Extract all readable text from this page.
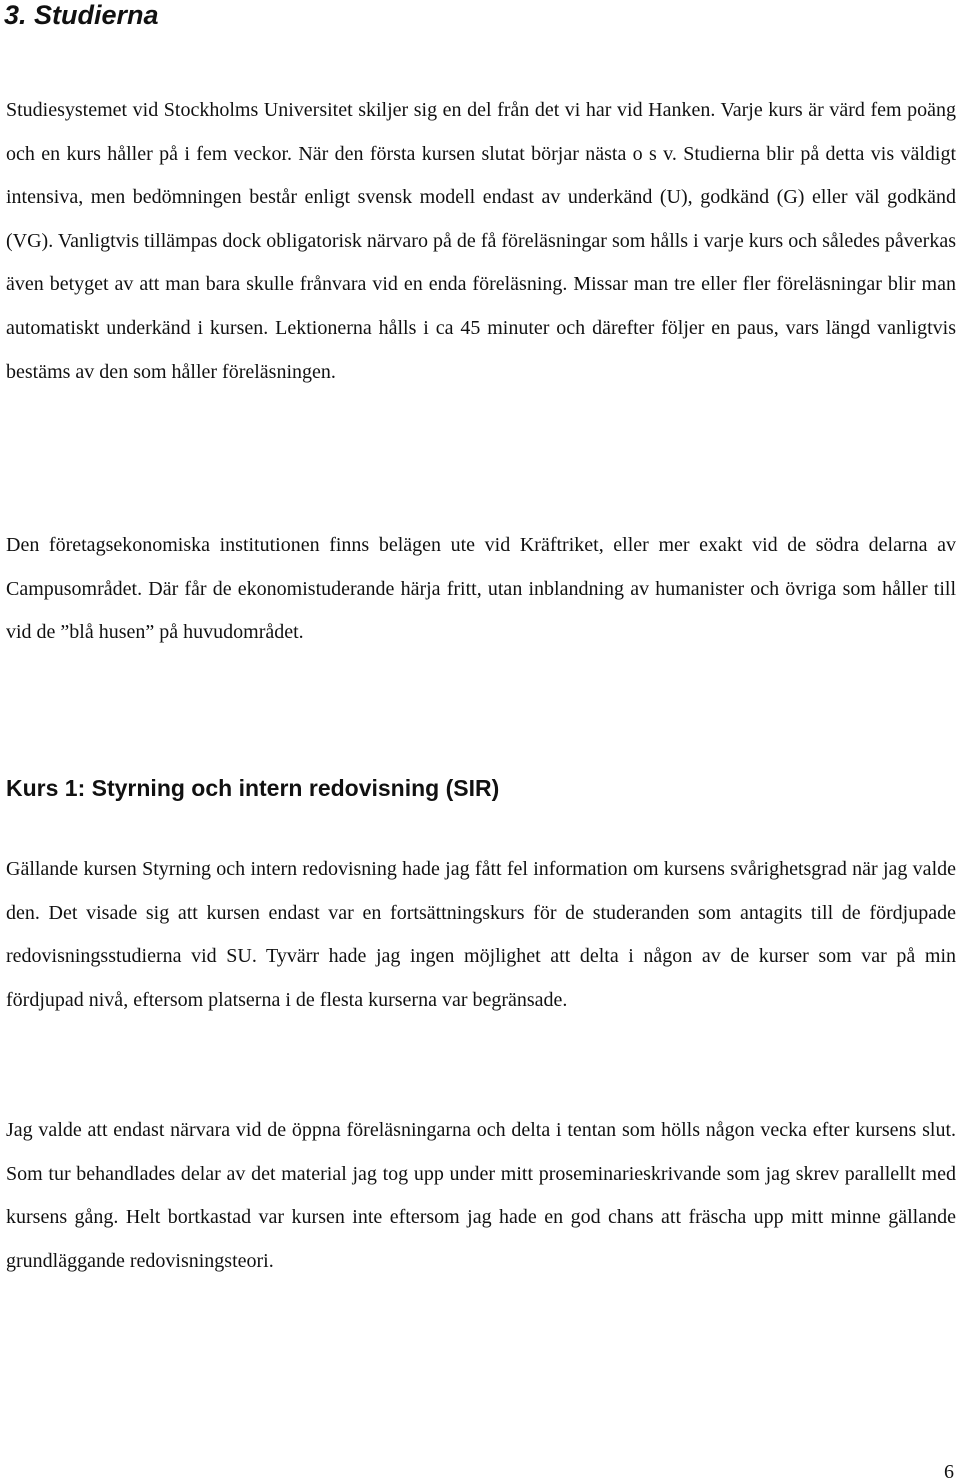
3. Studierna

Studiesystemet vid Stockholms Universitet skiljer sig en del från det vi har vid Hanken. Varje kurs är värd fem poäng och en kurs håller på i fem veckor. När den första kursen slutat börjar nästa o s v. Studierna blir på detta vis väldigt intensiva, men bedömningen består enligt svensk modell endast av underkänd (U), godkänd (G) eller väl godkänd (VG). Vanligtvis tillämpas dock obligatorisk närvaro på de få föreläsningar som hålls i varje kurs och således påverkas även betyget av att man bara skulle frånvara vid en enda föreläsning. Missar man tre eller fler föreläsningar blir man automatiskt underkänd i kursen. Lektionerna hålls i ca 45 minuter och därefter följer en paus, vars längd vanligtvis bestäms av den som håller föreläsningen.

Den företagsekonomiska institutionen finns belägen ute vid Kräftriket, eller mer exakt vid de södra delarna av Campusområdet. Där får de ekonomistuderande härja fritt, utan inblandning av humanister och övriga som håller till vid de ”blå husen” på huvudområdet.

Kurs 1: Styrning och intern redovisning (SIR)

Gällande kursen Styrning och intern redovisning hade jag fått fel information om kursens svårighetsgrad när jag valde den. Det visade sig att kursen endast var en fortsättningskurs för de studeranden som antagits till de fördjupade redovisningsstudierna vid SU. Tyvärr hade jag ingen möjlighet att delta i någon av de kurser som var på min fördjupad nivå, eftersom platserna i de flesta kurserna var begränsade.

Jag valde att endast närvara vid de öppna föreläsningarna och delta i tentan som hölls någon vecka efter kursens slut. Som tur behandlades delar av det material jag tog upp under mitt proseminarieskrivande som jag skrev parallellt med kursens gång. Helt bortkastad var kursen inte eftersom jag hade en god chans att fräscha upp mitt minne gällande grundläggande redovisningsteori.

6
